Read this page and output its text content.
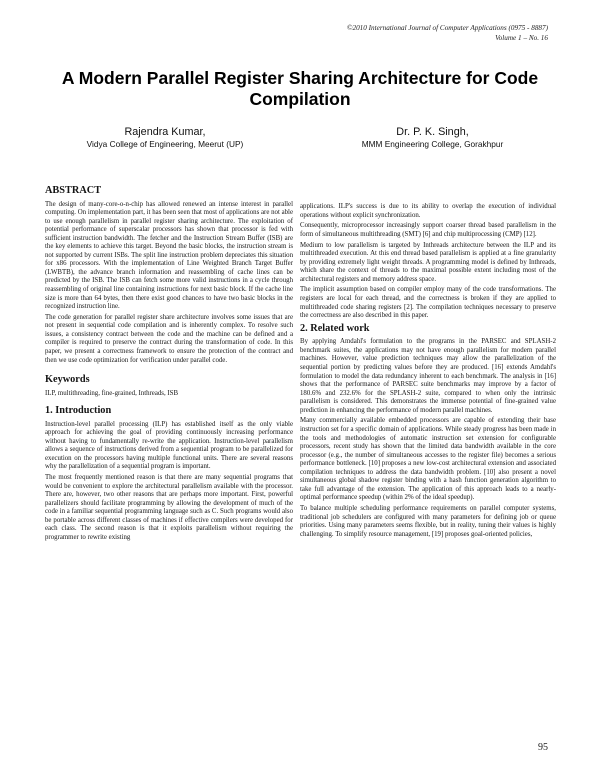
©2010 International Journal of Computer Applications (0975 - 8887)
Volume 1 – No. 16
A Modern Parallel Register Sharing Architecture for Code Compilation
Rajendra Kumar,
Vidya College of Engineering, Meerut (UP)
Dr. P. K. Singh,
MMM Engineering College, Gorakhpur
ABSTRACT

The design of many-core-o-n-chip has allowed renewed an intense interest in parallel computing. On implementation part, it has been seen that most of applications are not able to use enough parallelism in parallel register sharing architecture. The exploitation of potential performance of superscalar processors has shown that processor is fed with sufficient instruction bandwidth. The fetcher and the Instruction Stream Buffer (ISB) are the key elements to achieve this target. Beyond the basic blocks, the instruction stream is not supported by current ISBs. The split line instruction problem depreciates this situation for x86 processors. With the implementation of Line Weighted Branch Target Buffer (LWBTB), the advance branch information and reassembling of cache lines can be predicted by the ISB. The ISB can fetch some more valid instructions in a cycle through reassembling of original line containing instructions for next basic block. If the cache line size is more than 64 bytes, then there exist good chances to have two basic blocks in the recognized instruction line.

The code generation for parallel register share architecture involves some issues that are not present in sequential code compilation and is inherently complex. To resolve such issues, a consistency contract between the code and the machine can be defined and a compiler is required to preserve the contract during the transformation of code. In this paper, we present a correctness framework to ensure the protection of the contract and then we use code optimization for verification under parallel code.

Keywords

ILP, multithreading, fine-grained, Inthreads, ISB

1. Introduction

Instruction-level parallel processing (ILP) has established itself as the only viable approach for achieving the goal of providing continuously increasing performance without having to fundamentally re-write the application. Instruction-level parallelism allows a sequence of instructions derived from a sequential program to be parallelized for execution on the processors having multiple functional units. There are several reasons why the parallelization of a sequential program is important.

The most frequently mentioned reason is that there are many sequential programs that would be convenient to explore the architectural parallelism available with the processor. There are, however, two other reasons that are perhaps more important. First, powerful parallelizers should facilitate programming by allowing the development of much of the code in a familiar sequential programming language such as C. Such programs would also be portable across different classes of machines if effective compilers were developed for each class. The second reason is that it exploits parallelism without requiring the programmer to rewrite existing

applications. ILP's success is due to its ability to overlap the execution of individual operations without explicit synchronization.

Consequently, microprocessor increasingly support coarser thread based parallelism in the form of simultaneous multithreading (SMT) [6] and chip multiprocessing (CMP) [12].

Medium to low parallelism is targeted by Inthreads architecture between the ILP and its multithreaded execution. At this end thread based parallelism is applied at a fine granularity by providing extremely light weight threads. A programming model is defined by Inthreads, which share the context of threads to the maximal possible extent including most of the architectural registers and memory address space.

The implicit assumption based on compiler employ many of the code transformations. The registers are local for each thread, and the correctness is broken if they are applied to multithreaded code sharing registers [2]. The compilation techniques necessary to preserve the correctness are also described in this paper.

2. Related work

By applying Amdahl's formulation to the programs in the PARSEC and SPLASH-2 benchmark suites, the applications may not have enough parallelism for modern parallel machines. However, value prediction techniques may allow the parallelization of the sequential portion by predicting values before they are produced. [16] extends Amdahl's formulation to model the data redundancy inherent to each benchmark. The analysis in [16] shows that the performance of PARSEC suite benchmarks may improve by a factor of 180.6% and 232.6% for the SPLASH-2 suite, compared to when only the intrinsic parallelism is considered. This demonstrates the immense potential of fine-grained value prediction in enhancing the performance of modern parallel machines.

Many commercially available embedded processors are capable of extending their base instruction set for a specific domain of applications. While steady progress has been made in the tools and methodologies of automatic instruction set extension for configurable processors, recent study has shown that the limited data bandwidth available in the core processor (e.g., the number of simultaneous accesses to the register file) becomes a serious performance bottleneck. [10] proposes a new low-cost architectural extension and associated compilation techniques to address the data bandwidth problem. [10] also present a novel simultaneous global shadow register binding with a hash function generation algorithm to take full advantage of the extension. The application of this approach leads to a nearly-optimal performance speedup (within 2% of the ideal speedup).

To balance multiple scheduling performance requirements on parallel computer systems, traditional job schedulers are configured with many parameters for defining job or queue priorities. Using many parameters seems flexible, but in reality, tuning their values is highly challenging. To simplify resource management, [19] proposes goal-oriented policies,

95
